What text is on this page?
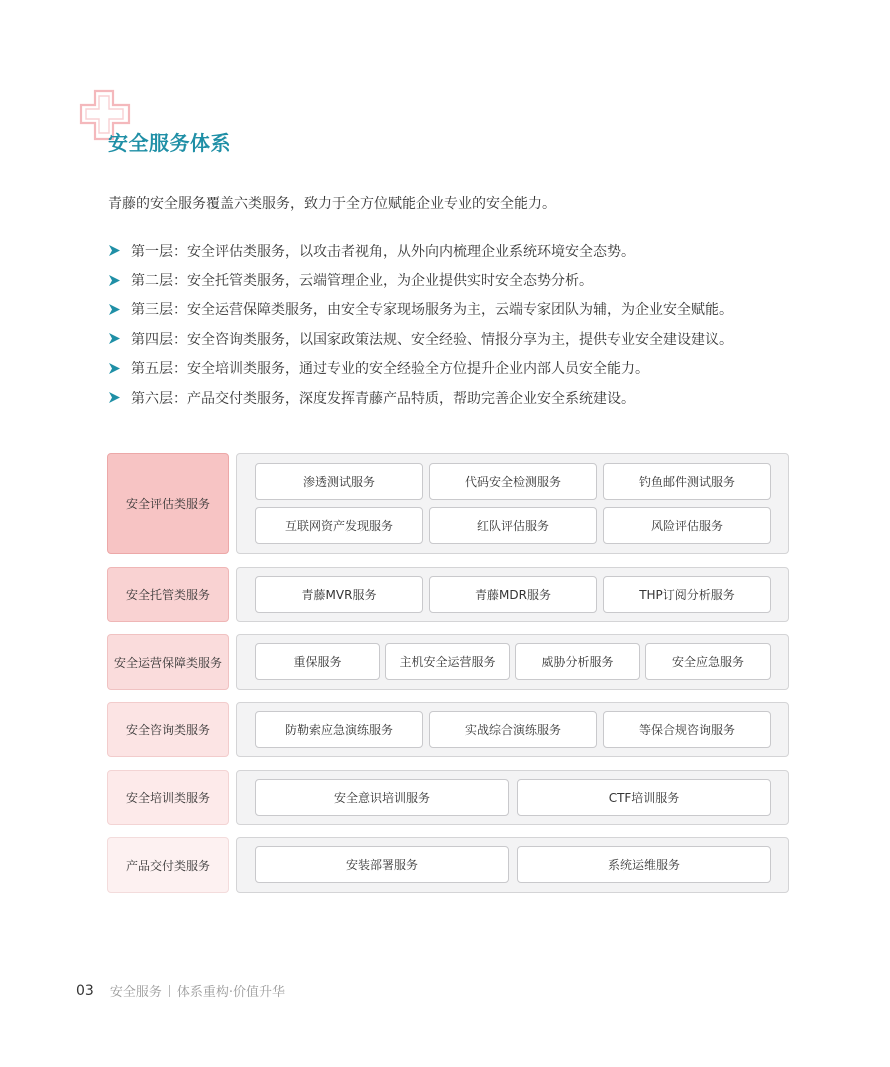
安全服务体系

青藤的安全服务覆盖六类服务，致力于全方位赋能企业专业的安全能力。

第一层：安全评估类服务，以攻击者视角，从外向内梳理企业系统环境安全态势。
第二层：安全托管类服务，云端管理企业，为企业提供实时安全态势分析。
第三层：安全运营保障类服务，由安全专家现场服务为主，云端专家团队为辅，为企业安全赋能。
第四层：安全咨询类服务，以国家政策法规、安全经验、情报分享为主，提供专业安全建设建议。
第五层：安全培训类服务，通过专业的安全经验全方位提升企业内部人员安全能力。
第六层：产品交付类服务，深度发挥青藤产品特质，帮助完善企业安全系统建设。
安全评估类服务
渗透测试服务	代码安全检测服务	钓鱼邮件测试服务
互联网资产发现服务	红队评估服务	风险评估服务
安全托管类服务	青藤MVR服务	青藤MDR服务	THP订阅分析服务
安全运营保障类服务	重保服务	主机安全运营服务	威胁分析服务	安全应急服务
安全咨询类服务	防勒索应急演练服务	实战综合演练服务	等保合规咨询服务
安全培训类服务	安全意识培训服务	CTF培训服务
产品交付类服务	安装部署服务	系统运维服务
03 安全服务 体系重构·价值升华
